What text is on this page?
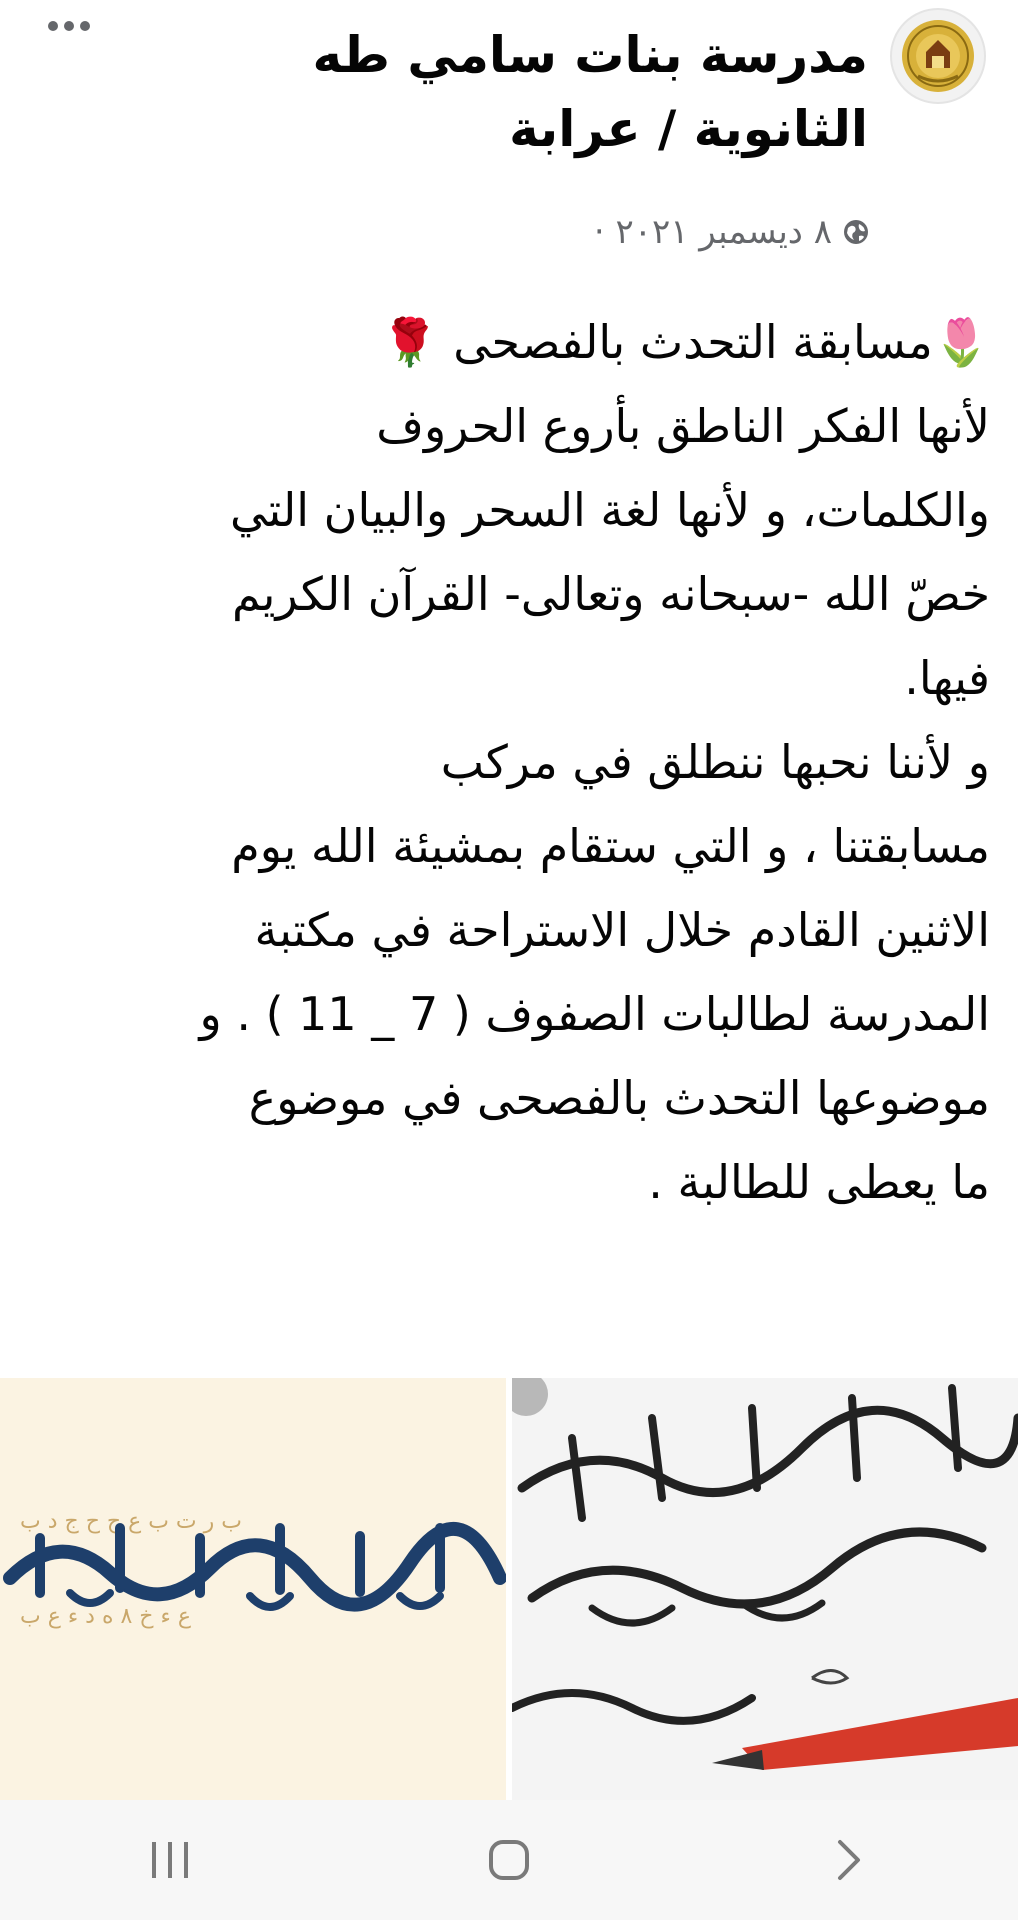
مدرسة بنات سامي طه
الثانوية / عرابة

٨ ديسمبر ٢٠٢١ ·

🌷مسابقة التحدث بالفصحى 🌹
لأنها الفكر الناطق بأروع الحروف
والكلمات، و لأنها لغة السحر والبيان التي
خصّ الله -سبحانه وتعالى- القرآن الكريم
فيها.
و لأننا نحبها ننطلق في مركب
مسابقتنا ، و التي ستقام بمشيئة الله يوم
الاثنين القادم خلال الاستراحة في مكتبة
المدرسة لطالبات الصفوف ( 7 _ 11 ) . و
موضوعها التحدث بالفصحى في موضوع
ما يعطى للطالبة .

ب ر ت ب ع ح ح ج د ب
ع ء خ ٨ ه د ء ع ب
